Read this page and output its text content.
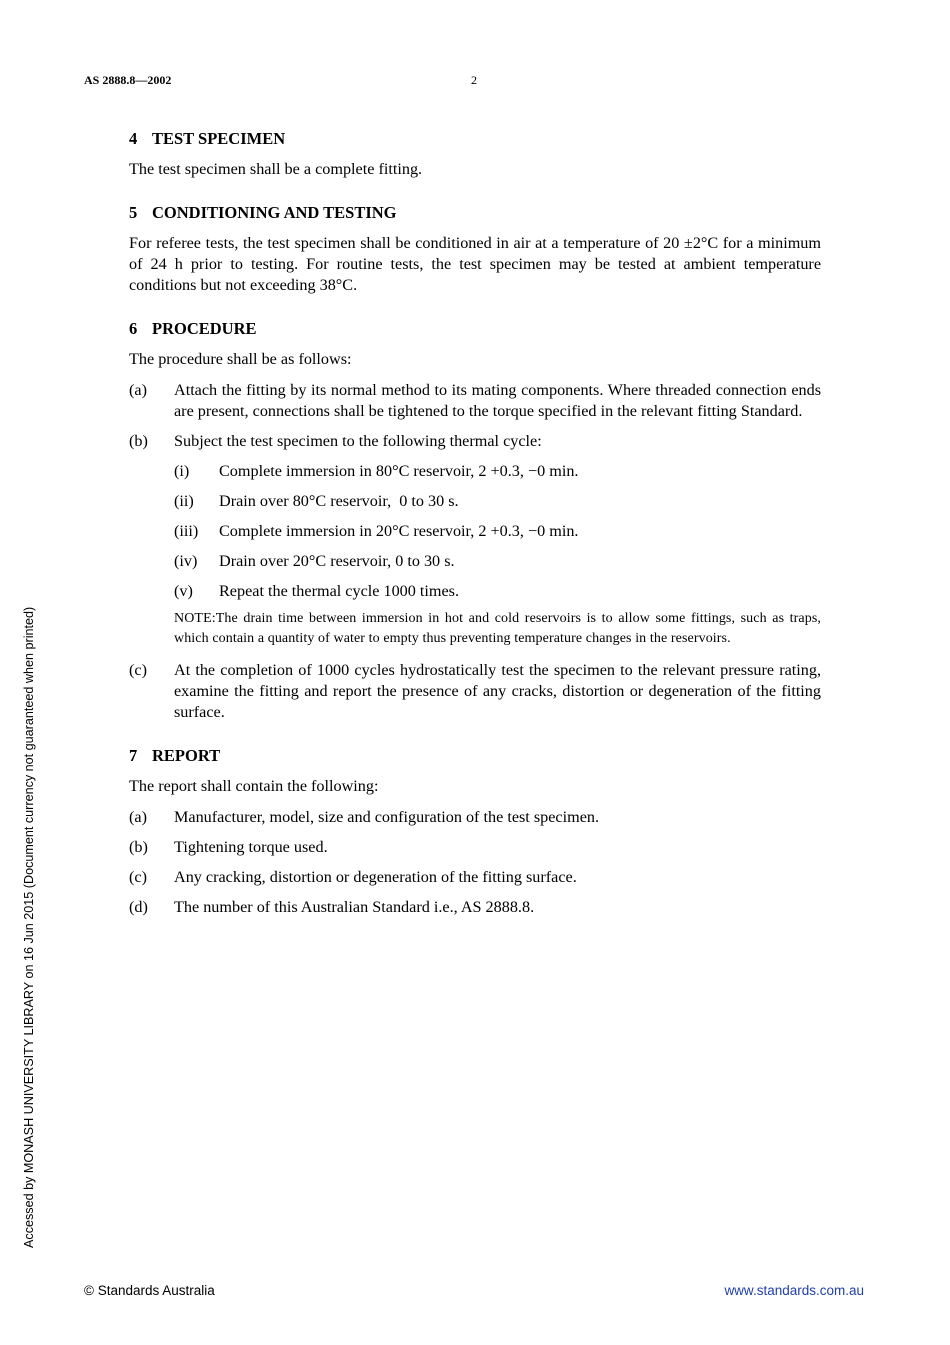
AS 2888.8—2002	2
4 TEST SPECIMEN

The test specimen shall be a complete fitting.

5 CONDITIONING AND TESTING

For referee tests, the test specimen shall be conditioned in air at a temperature of 20 ±2°C for a minimum of 24 h prior to testing. For routine tests, the test specimen may be tested at ambient temperature conditions but not exceeding 38°C.

6 PROCEDURE

The procedure shall be as follows:

(a)	Attach the fitting by its normal method to its mating components. Where threaded connection ends are present, connections shall be tightened to the torque specified in the relevant fitting Standard.
(b)	Subject the test specimen to the following thermal cycle:
(i)	Complete immersion in 80°C reservoir, 2 +0.3, −0 min.
(ii)	Drain over 80°C reservoir,  0 to 30 s.
(iii)	Complete immersion in 20°C reservoir, 2 +0.3, −0 min.
(iv)	Drain over 20°C reservoir, 0 to 30 s.
(v)	Repeat the thermal cycle 1000 times.

NOTE:The drain time between immersion in hot and cold reservoirs is to allow some fittings, such as traps, which contain a quantity of water to empty thus preventing temperature changes in the reservoirs.

(c)	At the completion of 1000 cycles hydrostatically test the specimen to the relevant pressure rating, examine the fitting and report the presence of any cracks, distortion or degeneration of the fitting surface.
7 REPORT

The report shall contain the following:

(a)	Manufacturer, model, size and configuration of the test specimen.
(b)	Tightening torque used.
(c)	Any cracking, distortion or degeneration of the fitting surface.
(d)	The number of this Australian Standard i.e., AS 2888.8.
Accessed by MONASH UNIVERSITY LIBRARY on 16 Jun 2015 (Document currency not guaranteed when printed)
© Standards Australia	www.standards.com.au
